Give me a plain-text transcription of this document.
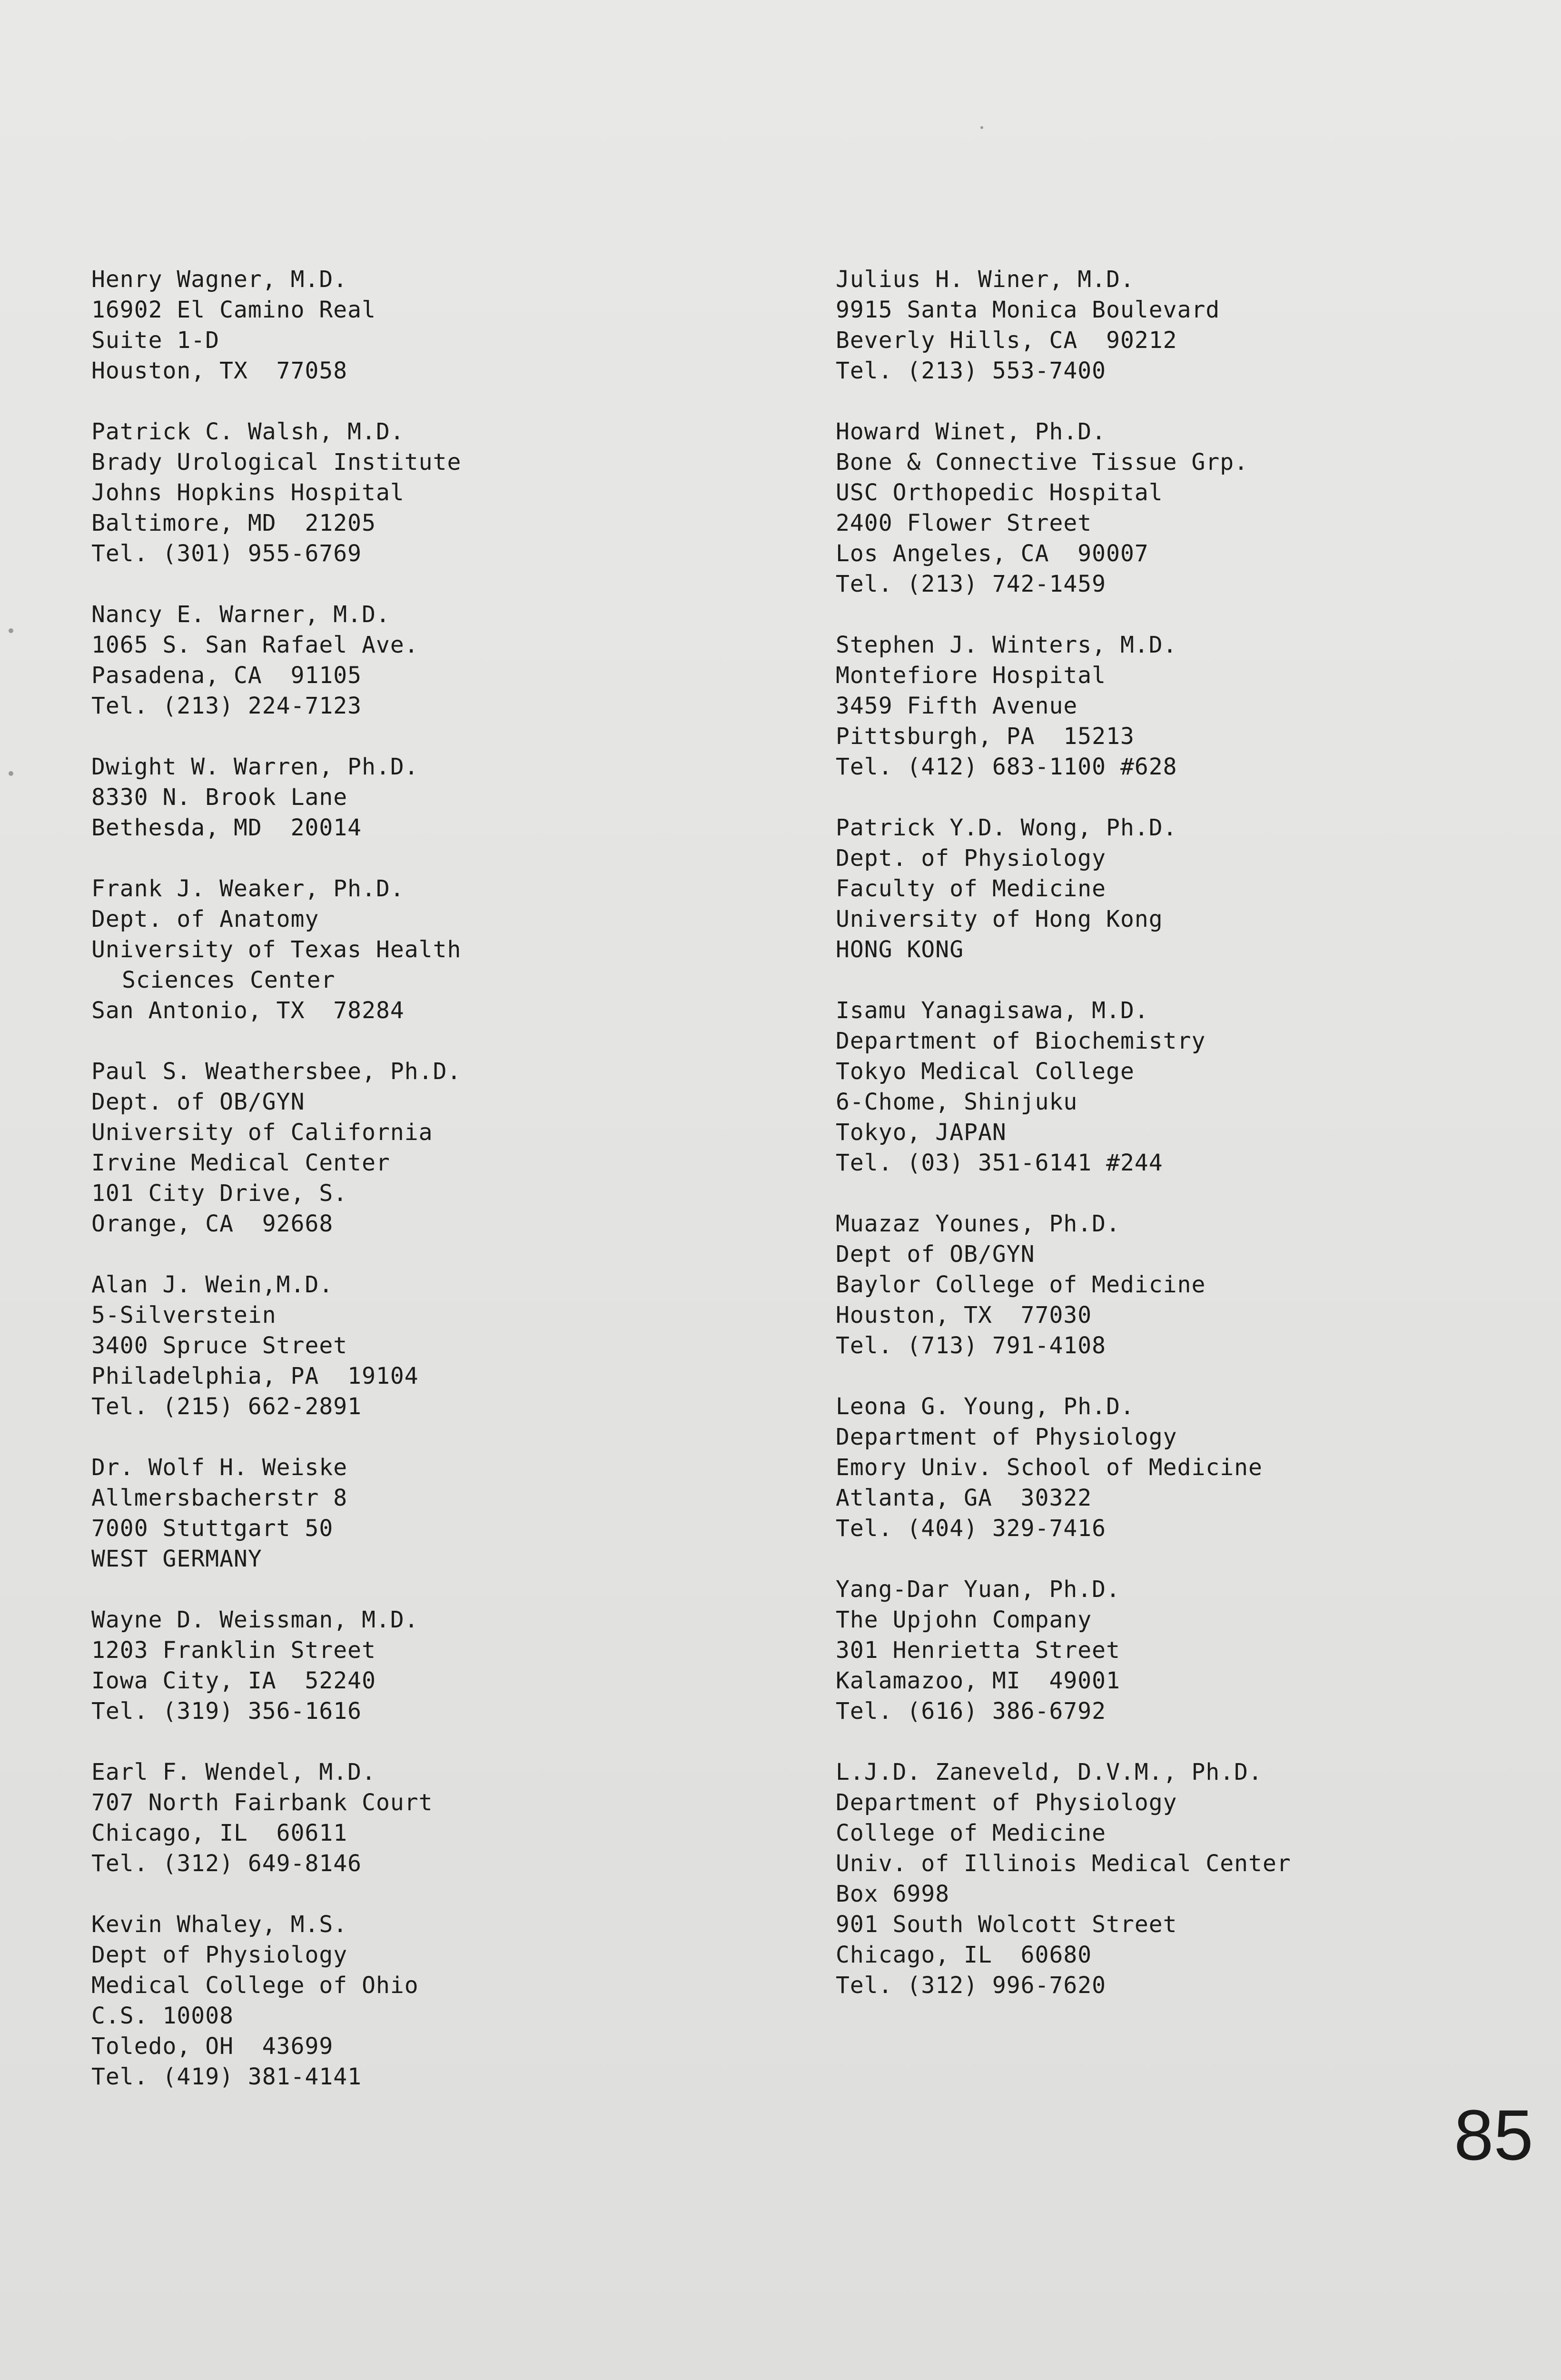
Henry Wagner, M.D.
16902 El Camino Real
Suite 1-D
Houston, TX  77058
Patrick C. Walsh, M.D.
Brady Urological Institute
Johns Hopkins Hospital
Baltimore, MD  21205
Tel. (301) 955-6769
Nancy E. Warner, M.D.
1065 S. San Rafael Ave.
Pasadena, CA  91105
Tel. (213) 224-7123
Dwight W. Warren, Ph.D.
8330 N. Brook Lane
Bethesda, MD  20014
Frank J. Weaker, Ph.D.
Dept. of Anatomy
University of Texas Health
Sciences Center
San Antonio, TX  78284
Paul S. Weathersbee, Ph.D.
Dept. of OB/GYN
University of California
Irvine Medical Center
101 City Drive, S.
Orange, CA  92668
Alan J. Wein,M.D.
5-Silverstein
3400 Spruce Street
Philadelphia, PA  19104
Tel. (215) 662-2891
Dr. Wolf H. Weiske
Allmersbacherstr 8
7000 Stuttgart 50
WEST GERMANY
Wayne D. Weissman, M.D.
1203 Franklin Street
Iowa City, IA  52240
Tel. (319) 356-1616
Earl F. Wendel, M.D.
707 North Fairbank Court
Chicago, IL  60611
Tel. (312) 649-8146
Kevin Whaley, M.S.
Dept of Physiology
Medical College of Ohio
C.S. 10008
Toledo, OH  43699
Tel. (419) 381-4141
Julius H. Winer, M.D.
9915 Santa Monica Boulevard
Beverly Hills, CA  90212
Tel. (213) 553-7400
Howard Winet, Ph.D.
Bone & Connective Tissue Grp.
USC Orthopedic Hospital
2400 Flower Street
Los Angeles, CA  90007
Tel. (213) 742-1459
Stephen J. Winters, M.D.
Montefiore Hospital
3459 Fifth Avenue
Pittsburgh, PA  15213
Tel. (412) 683-1100 #628
Patrick Y.D. Wong, Ph.D.
Dept. of Physiology
Faculty of Medicine
University of Hong Kong
HONG KONG
Isamu Yanagisawa, M.D.
Department of Biochemistry
Tokyo Medical College
6-Chome, Shinjuku
Tokyo, JAPAN
Tel. (03) 351-6141 #244
Muazaz Younes, Ph.D.
Dept of OB/GYN
Baylor College of Medicine
Houston, TX  77030
Tel. (713) 791-4108
Leona G. Young, Ph.D.
Department of Physiology
Emory Univ. School of Medicine
Atlanta, GA  30322
Tel. (404) 329-7416
Yang-Dar Yuan, Ph.D.
The Upjohn Company
301 Henrietta Street
Kalamazoo, MI  49001
Tel. (616) 386-6792
L.J.D. Zaneveld, D.V.M., Ph.D.
Department of Physiology
College of Medicine
Univ. of Illinois Medical Center
Box 6998
901 South Wolcott Street
Chicago, IL  60680
Tel. (312) 996-7620
85
